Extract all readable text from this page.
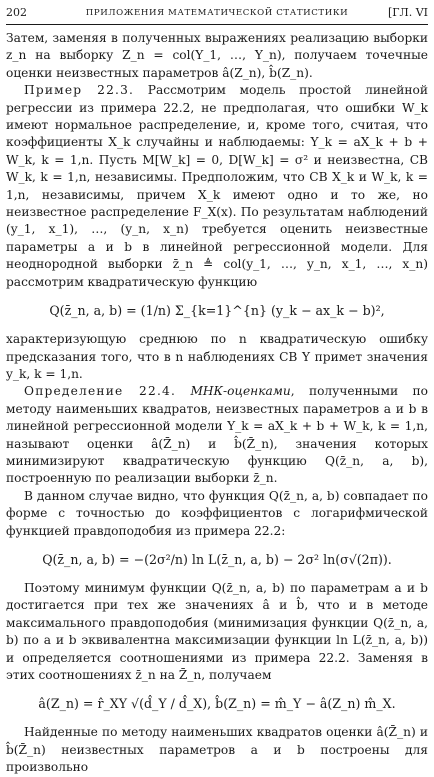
202	ПРИЛОЖЕНИЯ МАТЕМАТИЧЕСКОЙ СТАТИСТИКИ	[ГЛ. VI

Затем, заменяя в полученных выражениях реализацию выборки z_n на выборку Z_n = col(Y_1, …, Y_n), получаем точечные оценки неизвестных параметров â(Z_n), b̂(Z_n).

Пример 22.3. Рассмотрим модель простой линейной регрессии из примера 22.2, не предполагая, что ошибки W_k имеют нормальное распределение, и, кроме того, считая, что коэффициенты X_k случайны и наблюдаемы: Y_k = aX_k + b + W_k, k = 1,n. Пусть M[W_k] = 0, D[W_k] = σ² и неизвестна, СВ W_k, k = 1,n, независимы. Предположим, что СВ X_k и W_k, k = 1,n, независимы, причем X_k имеют одно и то же, но неизвестное распределение F_X(x). По результатам наблюдений (y_1, x_1), …, (y_n, x_n) требуется оценить неизвестные параметры a и b в линейной регрессионной модели. Для неоднородной выборки z̄_n ≜ col(y_1, …, y_n, x_1, …, x_n) рассмотрим квадратическую функцию

Q(z̄_n, a, b) = (1/n) Σ_{k=1}^{n} (y_k − ax_k − b)²,

характеризующую среднюю по n квадратическую ошибку предсказания того, что в n наблюдениях СВ Y примет значения y_k, k = 1,n.

Определение 22.4. МНК-оценками, полученными по методу наименьших квадратов, неизвестных параметров a и b в линейной регрессионной модели Y_k = aX_k + b + W_k, k = 1,n, называют оценки â(Z̄_n) и b̂(Z̄_n), значения которых минимизируют квадратическую функцию Q(z̄_n, a, b), построенную по реализации выборки z̄_n.

В данном случае видно, что функция Q(z̄_n, a, b) совпадает по форме с точностью до коэффициентов с логарифмической функцией правдоподобия из примера 22.2:

Q(z̄_n, a, b) = −(2σ²/n) ln L(z̄_n, a, b) − 2σ² ln(σ√(2π)).

Поэтому минимум функции Q(z̄_n, a, b) по параметрам a и b достигается при тех же значениях â и b̂, что и в методе максимального правдоподобия (минимизация функции Q(z̄_n, a, b) по a и b эквивалентна максимизации функции ln L(z̄_n, a, b)) и определяется соотношениями из примера 22.2. Заменяя в этих соотношениях z̄_n на Z̄_n, получаем

â(Z_n) = r̂_XY √(d̂_Y / d̂_X), b̂(Z_n) = m̂_Y − â(Z_n) m̂_X.

Найденные по методу наименьших квадратов оценки â(Z̄_n) и b̂(Z̄_n) неизвестных параметров a и b построены для произвольно
